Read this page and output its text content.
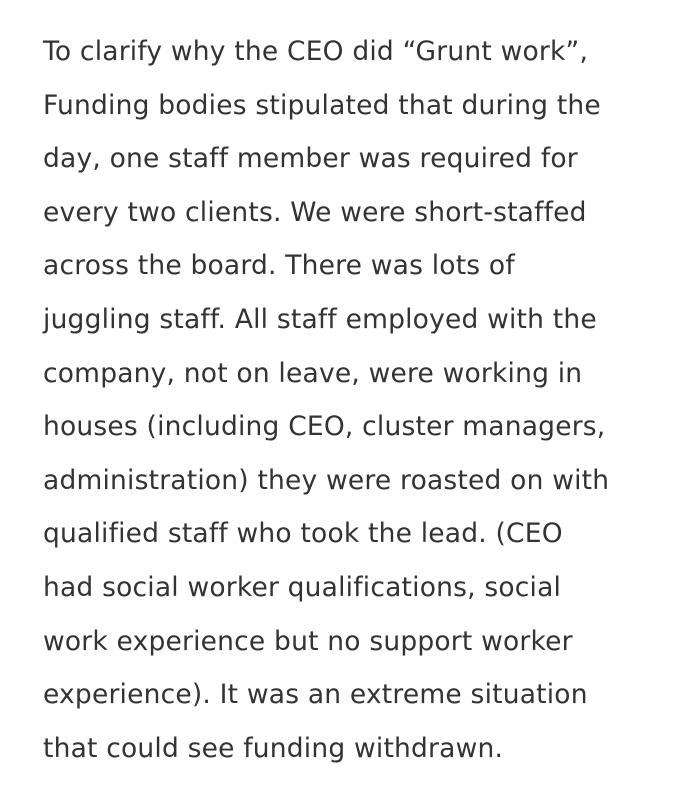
To clarify why the CEO did “Grunt work”,
Funding bodies stipulated that during the
day, one staff member was required for
every two clients. We were short-staffed
across the board. There was lots of
juggling staff. All staff employed with the
company, not on leave, were working in
houses (including CEO, cluster managers,
administration) they were roasted on with
qualified staff who took the lead. (CEO
had social worker qualifications, social
work experience but no support worker
experience). It was an extreme situation
that could see funding withdrawn.
